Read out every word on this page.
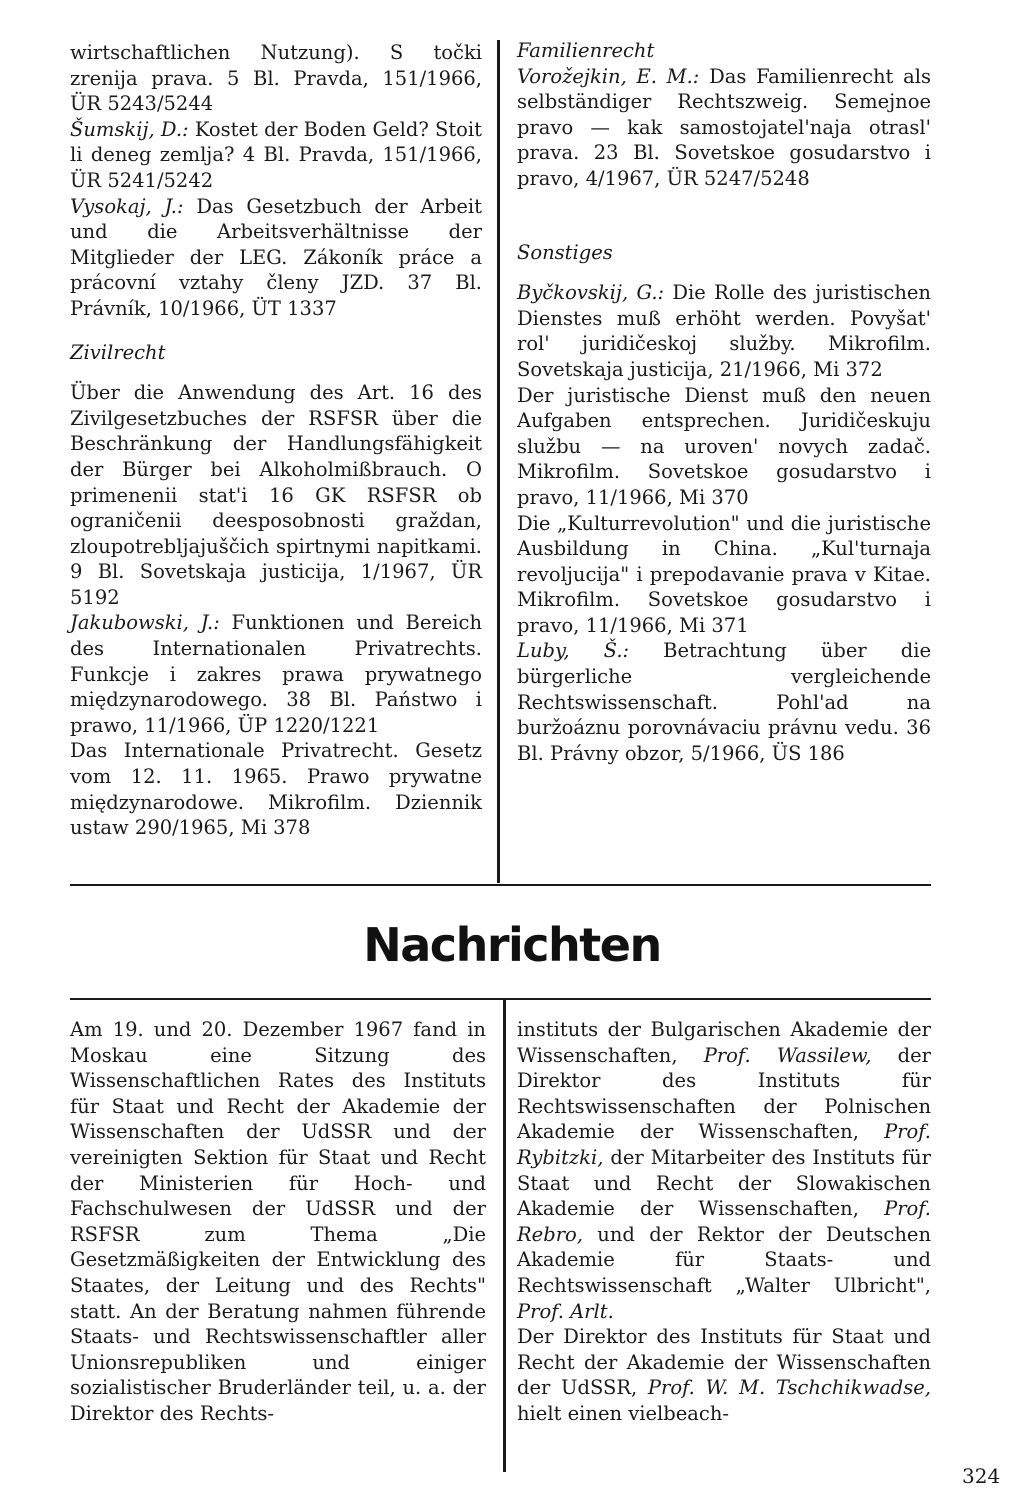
wirtschaftlichen Nutzung). S točki zrenija prava. 5 Bl. Pravda, 151/1966, ÜR 5243/5244

Šumskij, D.: Kostet der Boden Geld? Stoit li deneg zemlja? 4 Bl. Pravda, 151/1966, ÜR 5241/5242

Vysokaj, J.: Das Gesetzbuch der Arbeit und die Arbeitsverhältnisse der Mitglieder der LEG. Zákoník práce a prácovní vztahy členy JZD. 37 Bl. Právník, 10/1966, ÜT 1337

Zivilrecht

Über die Anwendung des Art. 16 des Zivilgesetzbuches der RSFSR über die Beschränkung der Handlungsfähigkeit der Bürger bei Alkoholmißbrauch. O primenenii stat'i 16 GK RSFSR ob ograničenii deesposobnosti graždan, zloupotrebljajuščich spirtnymi napitkami. 9 Bl. Sovetskaja justicija, 1/1967, ÜR 5192

Jakubowski, J.: Funktionen und Bereich des Internationalen Privatrechts. Funkcje i zakres prawa prywatnego międzynarodowego. 38 Bl. Państwo i prawo, 11/1966, ÜP 1220/1221

Das Internationale Privatrecht. Gesetz vom 12. 11. 1965. Prawo prywatne międzynarodowe. Mikrofilm. Dziennik ustaw 290/1965, Mi 378

Familienrecht

Vorožejkin, E. M.: Das Familienrecht als selbständiger Rechtszweig. Semejnoe pravo — kak samostojatel'naja otrasl' prava. 23 Bl. Sovetskoe gosudarstvo i pravo, 4/1967, ÜR 5247/5248

Sonstiges

Byčkovskij, G.: Die Rolle des juristischen Dienstes muß erhöht werden. Povyšat' rol' juridičeskoj služby. Mikrofilm. Sovetskaja justicija, 21/1966, Mi 372

Der juristische Dienst muß den neuen Aufgaben entsprechen. Juridičeskuju službu — na uroven' novych zadač. Mikrofilm. Sovetskoe gosudarstvo i pravo, 11/1966, Mi 370

Die „Kulturrevolution" und die juristische Ausbildung in China. „Kul'turnaja revoljucija" i prepodavanie prava v Kitae. Mikrofilm. Sovetskoe gosudarstvo i pravo, 11/1966, Mi 371

Luby, Š.: Betrachtung über die bürgerliche vergleichende Rechtswissenschaft. Pohl'ad na buržoáznu porovnávaciu právnu vedu. 36 Bl. Právny obzor, 5/1966, ÜS 186

Nachrichten

Am 19. und 20. Dezember 1967 fand in Moskau eine Sitzung des Wissenschaftlichen Rates des Instituts für Staat und Recht der Akademie der Wissenschaften der UdSSR und der vereinigten Sektion für Staat und Recht der Ministerien für Hoch- und Fachschulwesen der UdSSR und der RSFSR zum Thema „Die Gesetzmäßigkeiten der Entwicklung des Staates, der Leitung und des Rechts" statt. An der Beratung nahmen führende Staats- und Rechtswissenschaftler aller Unionsrepubliken und einiger sozialistischer Bruderländer teil, u. a. der Direktor des Rechts-

instituts der Bulgarischen Akademie der Wissenschaften, Prof. Wassilew, der Direktor des Instituts für Rechtswissenschaften der Polnischen Akademie der Wissenschaften, Prof. Rybitzki, der Mitarbeiter des Instituts für Staat und Recht der Slowakischen Akademie der Wissenschaften, Prof. Rebro, und der Rektor der Deutschen Akademie für Staats- und Rechtswissenschaft „Walter Ulbricht", Prof. Arlt.

Der Direktor des Instituts für Staat und Recht der Akademie der Wissenschaften der UdSSR, Prof. W. M. Tschchikwadse, hielt einen vielbeach-

324
